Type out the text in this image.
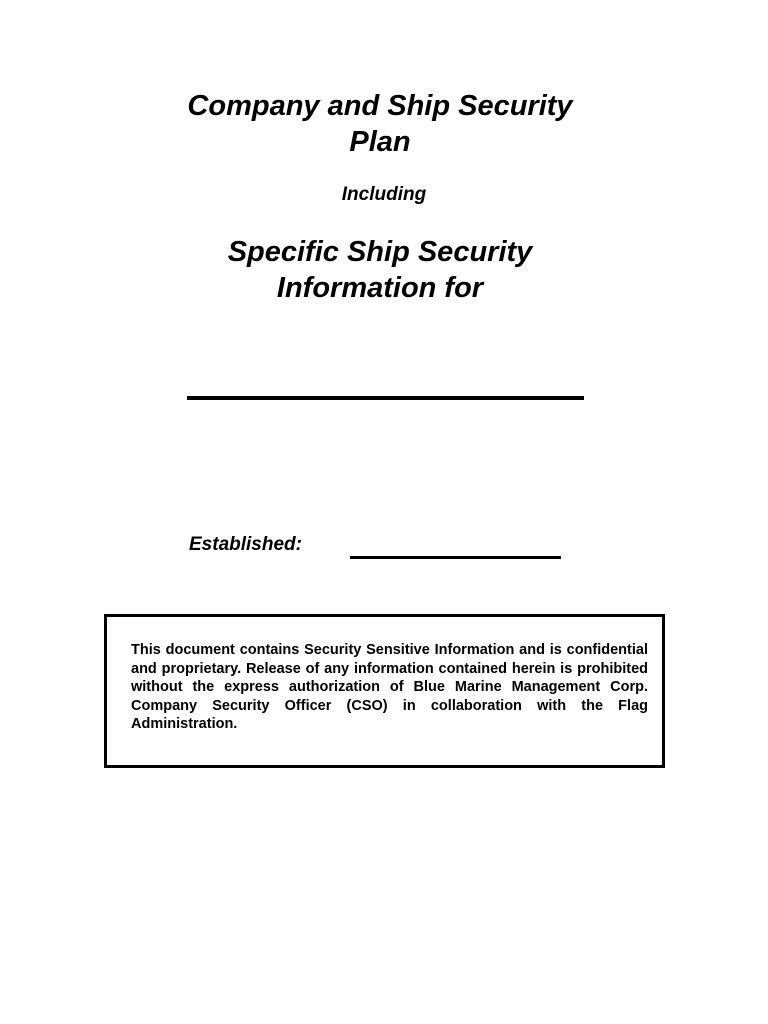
Company and Ship Security Plan
Including
Specific Ship Security Information for
Established:

This document contains Security Sensitive Information and is confidential and proprietary. Release of any information contained herein is prohibited without the express authorization of Blue Marine Management Corp. Company Security Officer (CSO) in collaboration with the Flag Administration.
